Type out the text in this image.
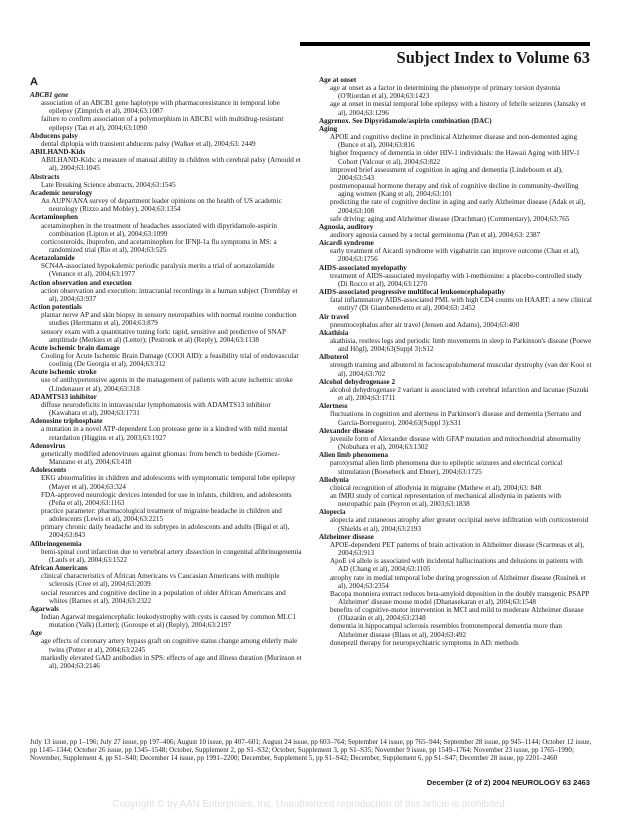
Subject Index to Volume 63
A
ABCB1 gene
association of an ABCB1 gene haplotype with pharmacoresistance in temporal lobe epilepsy (Zimprich et al), 2004;63:1087
failure to confirm association of a polymorphism in ABCB1 with multidrug-resistant epilepsy (Tan et al), 2004;63:1090
Abducens palsy
dental diplopia with transient abducens palsy (Walker et al), 2004;63: 2449
ABILHAND-Kids
ABILHAND-Kids: a measure of manual ability in children with cerebral palsy (Arnould et al), 2004;63:1045
Abstracts
Late Breaking Science abstracts, 2004;63:1545
Academic neurology
An AUPN/ANA survey of department leader opinions on the health of US academic neurology (Rizzo and Mobley), 2004;63:1354
Acetaminophen
acetaminophen in the treatment of headaches associated with dipyridamole-aspirin combination (Lipton et al), 2004;63:1099
corticosteroids, ibuprofen, and acetaminophen for IFNβ-1a flu symptoms in MS: a randomized trial (Rio et al), 2004;63:525
Acetazolamide
SCN4A-associated hypokalemic periodic paralysis merits a trial of acetazolamide (Venance et al), 2004;63:1977
Action observation and execution
action observation and execution: intracranial recordings in a human subject (Tremblay et al), 2004;63:937
Action potentials
plantar nerve AP and skin biopsy in sensory neuropathies with normal routine conduction studies (Herrmann et al), 2004;63:879
sensory exam with a quantitative tuning fork: rapid, sensitive and predictive of SNAP amplitude (Merkies et al) (Letter); (Pestronk et al) (Reply), 2004;63:1138
Acute ischemic brain damage
Cooling for Acute Ischemic Brain Damage (COOl AID): a feasibility trial of endovascular coolinig (De Georgia et al), 2004;63:312
Acute ischemic stroke
use of antihypertensive agents in the management of patients with acute ischemic stroke (Lindenauer et al), 2004;63:318
ADAMTS13 inhibitor
diffuse neurodeficits in intravascular lymphomatosis with ADAMTS13 inhibitor (Kawahara et al), 2004;63:1731
Adenosine triphosphate
a mutation in a novel ATP-dependent Lon protease gene in a kindred with mild mental retardation (Higgins et al), 2003;63:1927
Adenovirus
genetically modified adenoviruses against gliomas: from bench to bedside (Gomez-Manzano et al), 2004;63:418
Adolescents
EKG abnormalities in children and adolescents with symptomatic temporal lobe epilepsy (Mayer et al), 2004;63:324
FDA-approved neurologic devices intended for use in infants, children, and adolescents (Peña et al), 2004;63:1163
practice parameter: pharmacological treatment of migraine headache in children and adolescents (Lewis et al), 2004;63:2215
primary chronic daily headache and its subtypes in adolescents and adults (Bigal et al), 2004;63:843
Afibrinogenemia
hemi-spinal cord infarction due to vertebral artery dissection in congenital afibrinogenemia (Laufs et al), 2004;63:1522
African Americans
clinical characteristics of African Americans vs Caucasian Americans with multiple sclerosis (Cree et al), 2004;63:2039
social resources and cognitive decline in a population of older African Americans and whites (Barnes et al), 2004;63:2322
Agarwals
Indian Agarwal megalencephalic leukodystrophy with cysts is caused by common MLC1 mutation (Valk) (Letter); (Gorospe et al) (Reply), 2004;63:2197
Age
age effects of coronary artery bypass graft on cognitive status change among elderly male twins (Potter et al), 2004;63:2245
markedly elevated GAD antibodies in SPS: effects of age and illness duration (Murinson et al), 2004;63:2146
Age at onset
age at onset as a factor in determining the phenotype of primary torsion dystonia (O'Riordan et al), 2004;63:1423
age at onset in mesial temporal lobe epilepsy with a history of febrile seizures (Janszky et al), 2004;63:1296
Aggrenox. See Dipyridamole/aspirin combination (DAC)
Aging
APOE and cognitive decline in preclinical Alzheimer disease and non-demented aging (Bunce et al), 2004;63:816
higher frequency of dementia in older HIV-1 individuals: the Hawaii Aging with HIV-1 Cohort (Valcour et al), 2004;63:822
improved brief assessment of cognition in aging and dementia (Lindeboom et al), 2004;63:543
postmenopausal hormone therapy and risk of cognitive decline in community-dwelling aging women (Kang et al), 2004;63:101
predicting the rate of cognitive decline in aging and early Alzheimer disease (Adak et al), 2004;63:108
safe driving: aging and Alzheimer disease (Drachman) (Commentary), 2004;63:765
Agnosia, auditory
auditory agnosia caused by a tectal germinoma (Pan et al), 2004;63: 2387
Aicardi syndrome
early treatment of Aicardi syndrome with vigabatrin can improve outcome (Chau et al), 2004;63:1756
AIDS-associated myelopathy
treatment of AIDS-associated myelopathy with l-methionine: a placebo-controlled study (Di Rocco et al), 2004;63:1270
AIDS-associated progressive multifocal leukoencephalopathy
fatal inflammatory AIDS-associated PML with high CD4 counts on HAART: a new clinical entity? (Di Giambenedetto et al), 2004;63: 2452
Air travel
pneumocephalus after air travel (Jensen and Adams), 2004;63:400
Akathisia
akathisia, restless legs and periodic limb movements in sleep in Parkinson's disease (Poewe and Högl), 2004;63(Suppl 3):S12
Albuterol
strength training and albuterol in facioscapulohumeral muscular dystrophy (van der Kooi et al), 2004;63:702
Alcohol dehydrogenase 2
alcohol dehydrogenase 2 variant is associated with cerebral infarction and lacunae (Suzuki et al), 2004;63:1711
Alertness
fluctuations in cognition and alertness in Parkinson's disease and dementia (Serrano and García-Borreguero), 2004;63(Suppl 3):S31
Alexander disease
juvenile form of Alexander disease with GFAP mutation and mitochondrial abnormality (Nobuhara et al), 2004;63:1302
Alien limb phenomena
paroxysmal alien limb phenomena due to epileptic seizures and electrical cortical stimulation (Boesebeck and Ebner), 2004;63:1725
Allodynia
clinical recognition of allodynia in migraine (Mathew et al), 2004;63: 848
an fMRI study of cortical representation of mechanical allodynia in patients with neuropathic pain (Peyron et al), 2003;63:1838
Alopecia
alopecia and cutaneous atrophy after greater occipital nerve infiltration with corticosteroid (Shields et al), 2004;63:2193
Alzheimer disease
APOE-dependent PET patterns of brain activation in Alzheimer disease (Scarmeas et al), 2004;63:913
ApoE ε4 allele is associated with incidental hallucinations and delusions in patients with AD (Chang et al), 2004;63:1105
atrophy rate in medial temporal lobe during progression of Alzheimer disease (Rusinek et al), 2004;63:2354
Bacopa monniera extract reduces beta-amyloid deposition in the doubly transgenic PSAPP Alzheimer' disease mouse model (Dhanasekaran et al), 2004;63:1548
benefits of cognitive-motor intervention in MCI and mild to moderate Alzheimer disease (Olazarán et al), 2004;63:2348
dementia in hippocampal sclerosis resembles frontotemporal dementia more than Alzheimer disease (Blass et al), 2004;63:492
donepezil therapy for neuropsychiatric symptoms in AD: methods
July 13 issue, pp 1–196; July 27 issue, pp 197–406; August 10 issue, pp 407–601; August 24 issue, pp 603–764; September 14 issue, pp 765–944; September 28 issue, pp 945–1144; October 12 issue, pp 1145–1344; October 26 issue, pp 1345–1548; October, Supplement 2, pp S1–S32; October, Supplement 3, pp S1–S35; November 9 issue, pp 1549–1764; November 23 issue, pp 1765–1990; November, Supplement 4, pp S1–S40; December 14 issue, pp 1991–2200; December, Supplement 5, pp S1–S42; December, Supplement 6, pp S1–S47; December 28 issue, pp 2201–2460
December (2 of 2) 2004 NEUROLOGY 63 2463
Copyright © by AAN Enterprises, Inc. Unauthorized reproduction of this article is prohibited.
